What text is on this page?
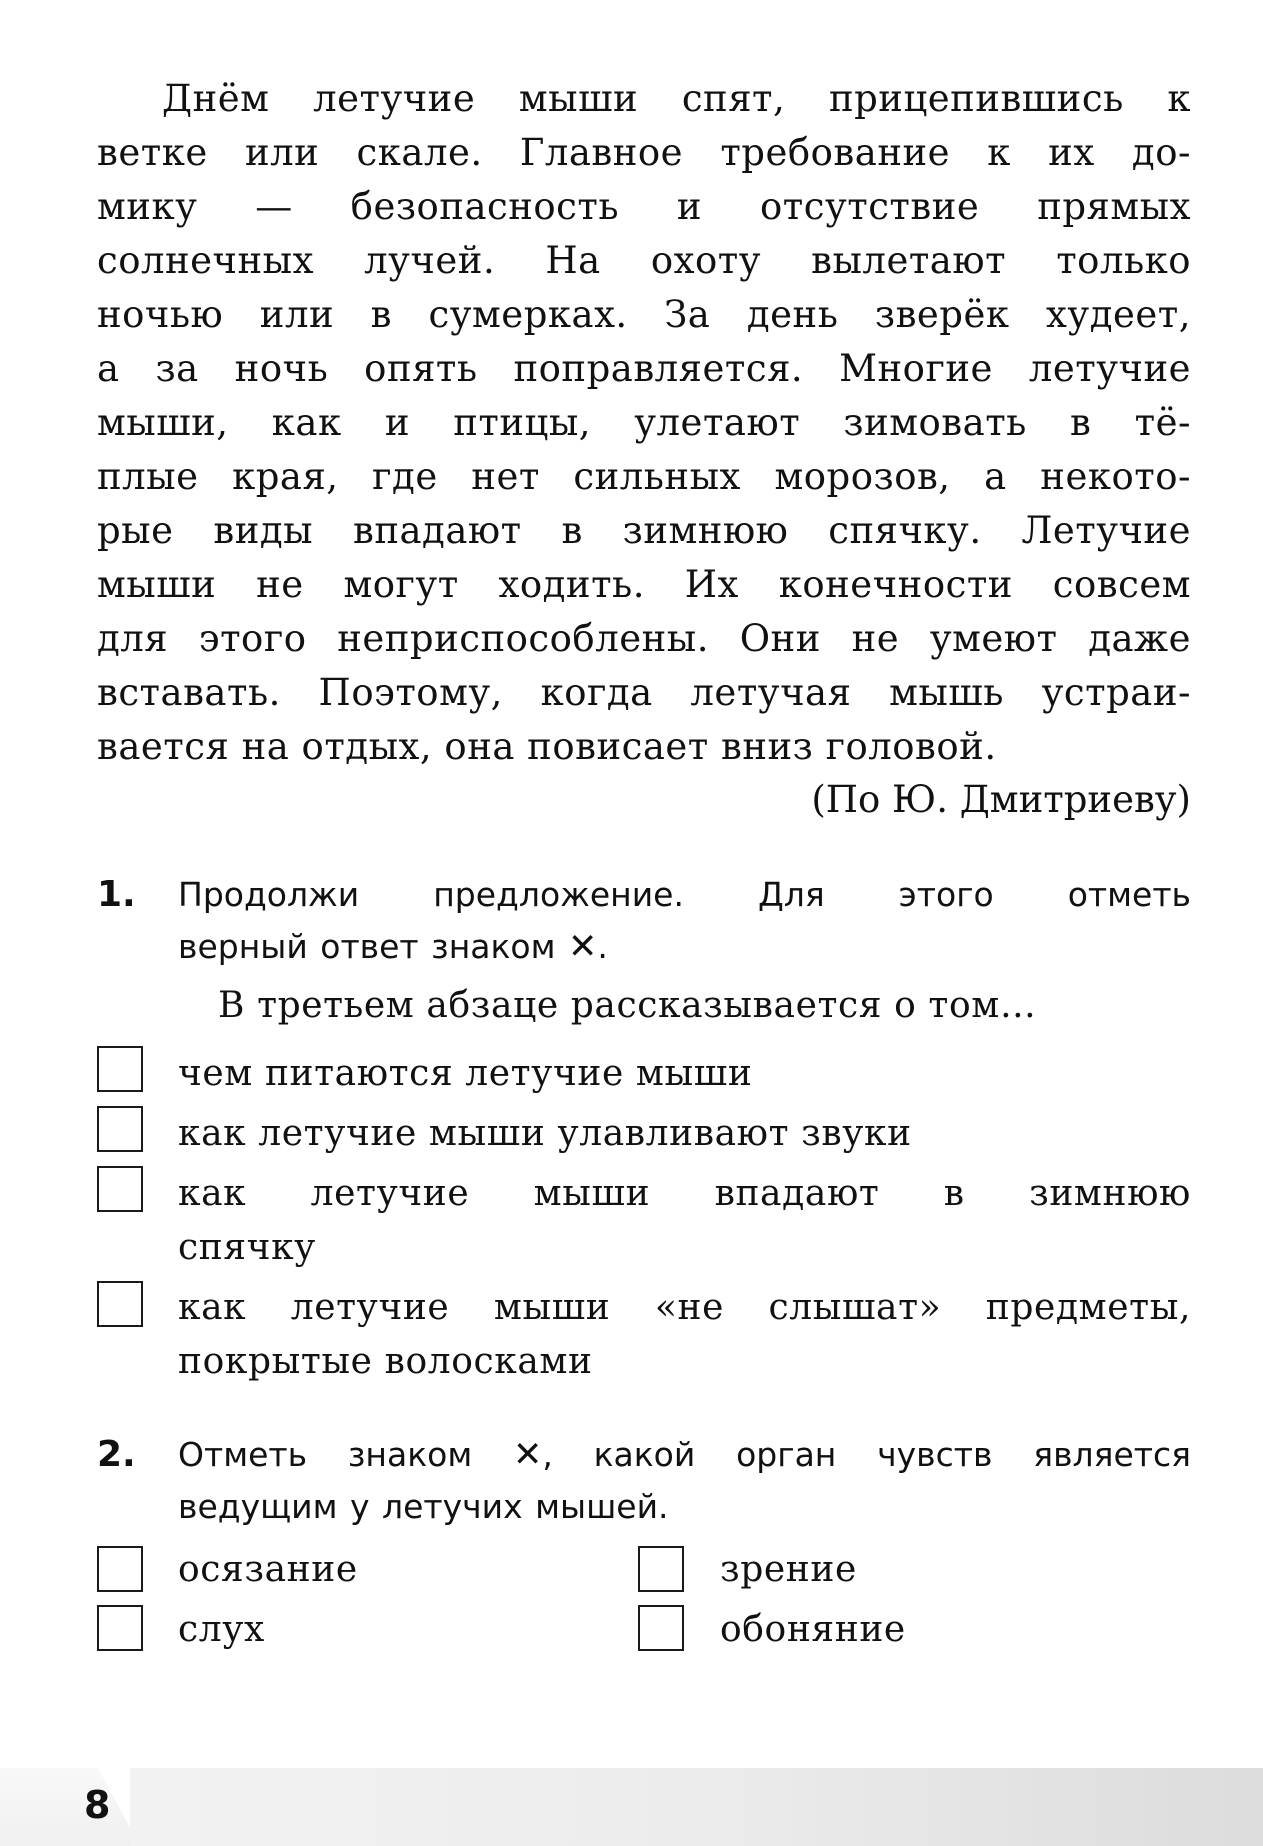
Днём летучие мыши спят, прицепившись к
ветке или скале. Главное требование к их до-
мику — безопасность и отсутствие прямых
солнечных лучей. На охоту вылетают только
ночью или в сумерках. За день зверёк худеет,
а за ночь опять поправляется. Многие летучие
мыши, как и птицы, улетают зимовать в тё-
плые края, где нет сильных морозов, а некото-
рые виды впадают в зимнюю спячку. Летучие
мыши не могут ходить. Их конечности совсем
для этого неприспособлены. Они не умеют даже
вставать. Поэтому, когда летучая мышь устраи-
вается на отдых, она повисает вниз головой.
(По Ю. Дмитриеву)
1. Продолжи предложение. Для этого отметь
верный ответ знаком ✕.
В третьем абзаце рассказывается о том…
чем питаются летучие мыши
как летучие мыши улавливают звуки
как летучие мыши впадают в зимнюю
спячку
как летучие мыши «не слышат» предметы,
покрытые волосками
2. Отметь знаком ✕, какой орган чувств является
ведущим у летучих мышей.
осязание	зрение
слух	обоняние
8
